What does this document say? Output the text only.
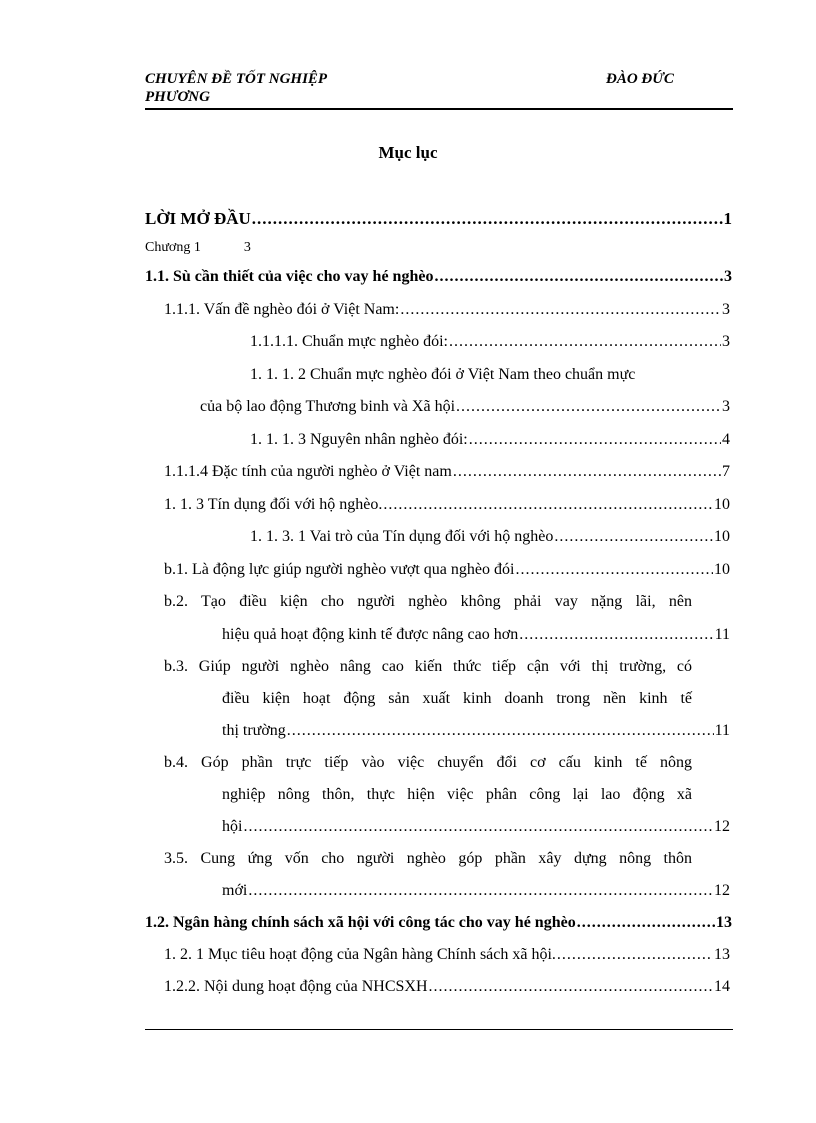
CHUYÊN ĐỀ TỐT NGHIỆP	ĐÀO ĐỨC
PHƯƠNG
Mục lục
LỜI MỞ ĐẦU .....	1
Chương 1	3
1.1. Sù cần thiết của việc cho vay hé nghèo .....	3
1.1.1. Vấn đề nghèo đói ở Việt Nam: .....	3
1.1.1.1. Chuẩn mực nghèo đói: .....	3
1. 1. 1. 2 Chuẩn mực nghèo đói ở Việt Nam theo chuẩn mực
của bộ lao động Thương binh và Xã hội .....	3
1. 1. 1. 3 Nguyên nhân nghèo đói: .....	4
1.1.1.4 Đặc tính của người nghèo ở Việt nam .....	7
1. 1. 3 Tín dụng đối với hộ nghèo. .....	10
1. 1. 3. 1 Vai trò của Tín dụng đối với hộ nghèo .....	10
b.1. Là động lực giúp người nghèo vượt qua nghèo đói .....	10
b.2. Tạo điều kiện cho người nghèo không phải vay nặng lãi, nên
hiệu quả hoạt động kinh tế được nâng cao hơn .....	11
b.3. Giúp người nghèo nâng cao kiến thức tiếp cận với thị trường, có
điều kiện hoạt động sản xuất kinh doanh trong nền kinh tế
thị trường .....	11
b.4. Góp phần trực tiếp vào việc chuyển đổi cơ cấu kinh tế nông
nghiệp nông thôn, thực hiện việc phân công lại lao động xã
hội .....	12
3.5. Cung ứng vốn cho người nghèo góp phần xây dựng nông thôn
mới .....	12
1.2. Ngân hàng chính sách xã hội với công tác cho vay hé nghèo .....	13
1. 2. 1 Mục tiêu hoạt động của Ngân hàng Chính sách xã hội. .....	13
1.2.2. Nội dung hoạt động của NHCSXH .....	14
